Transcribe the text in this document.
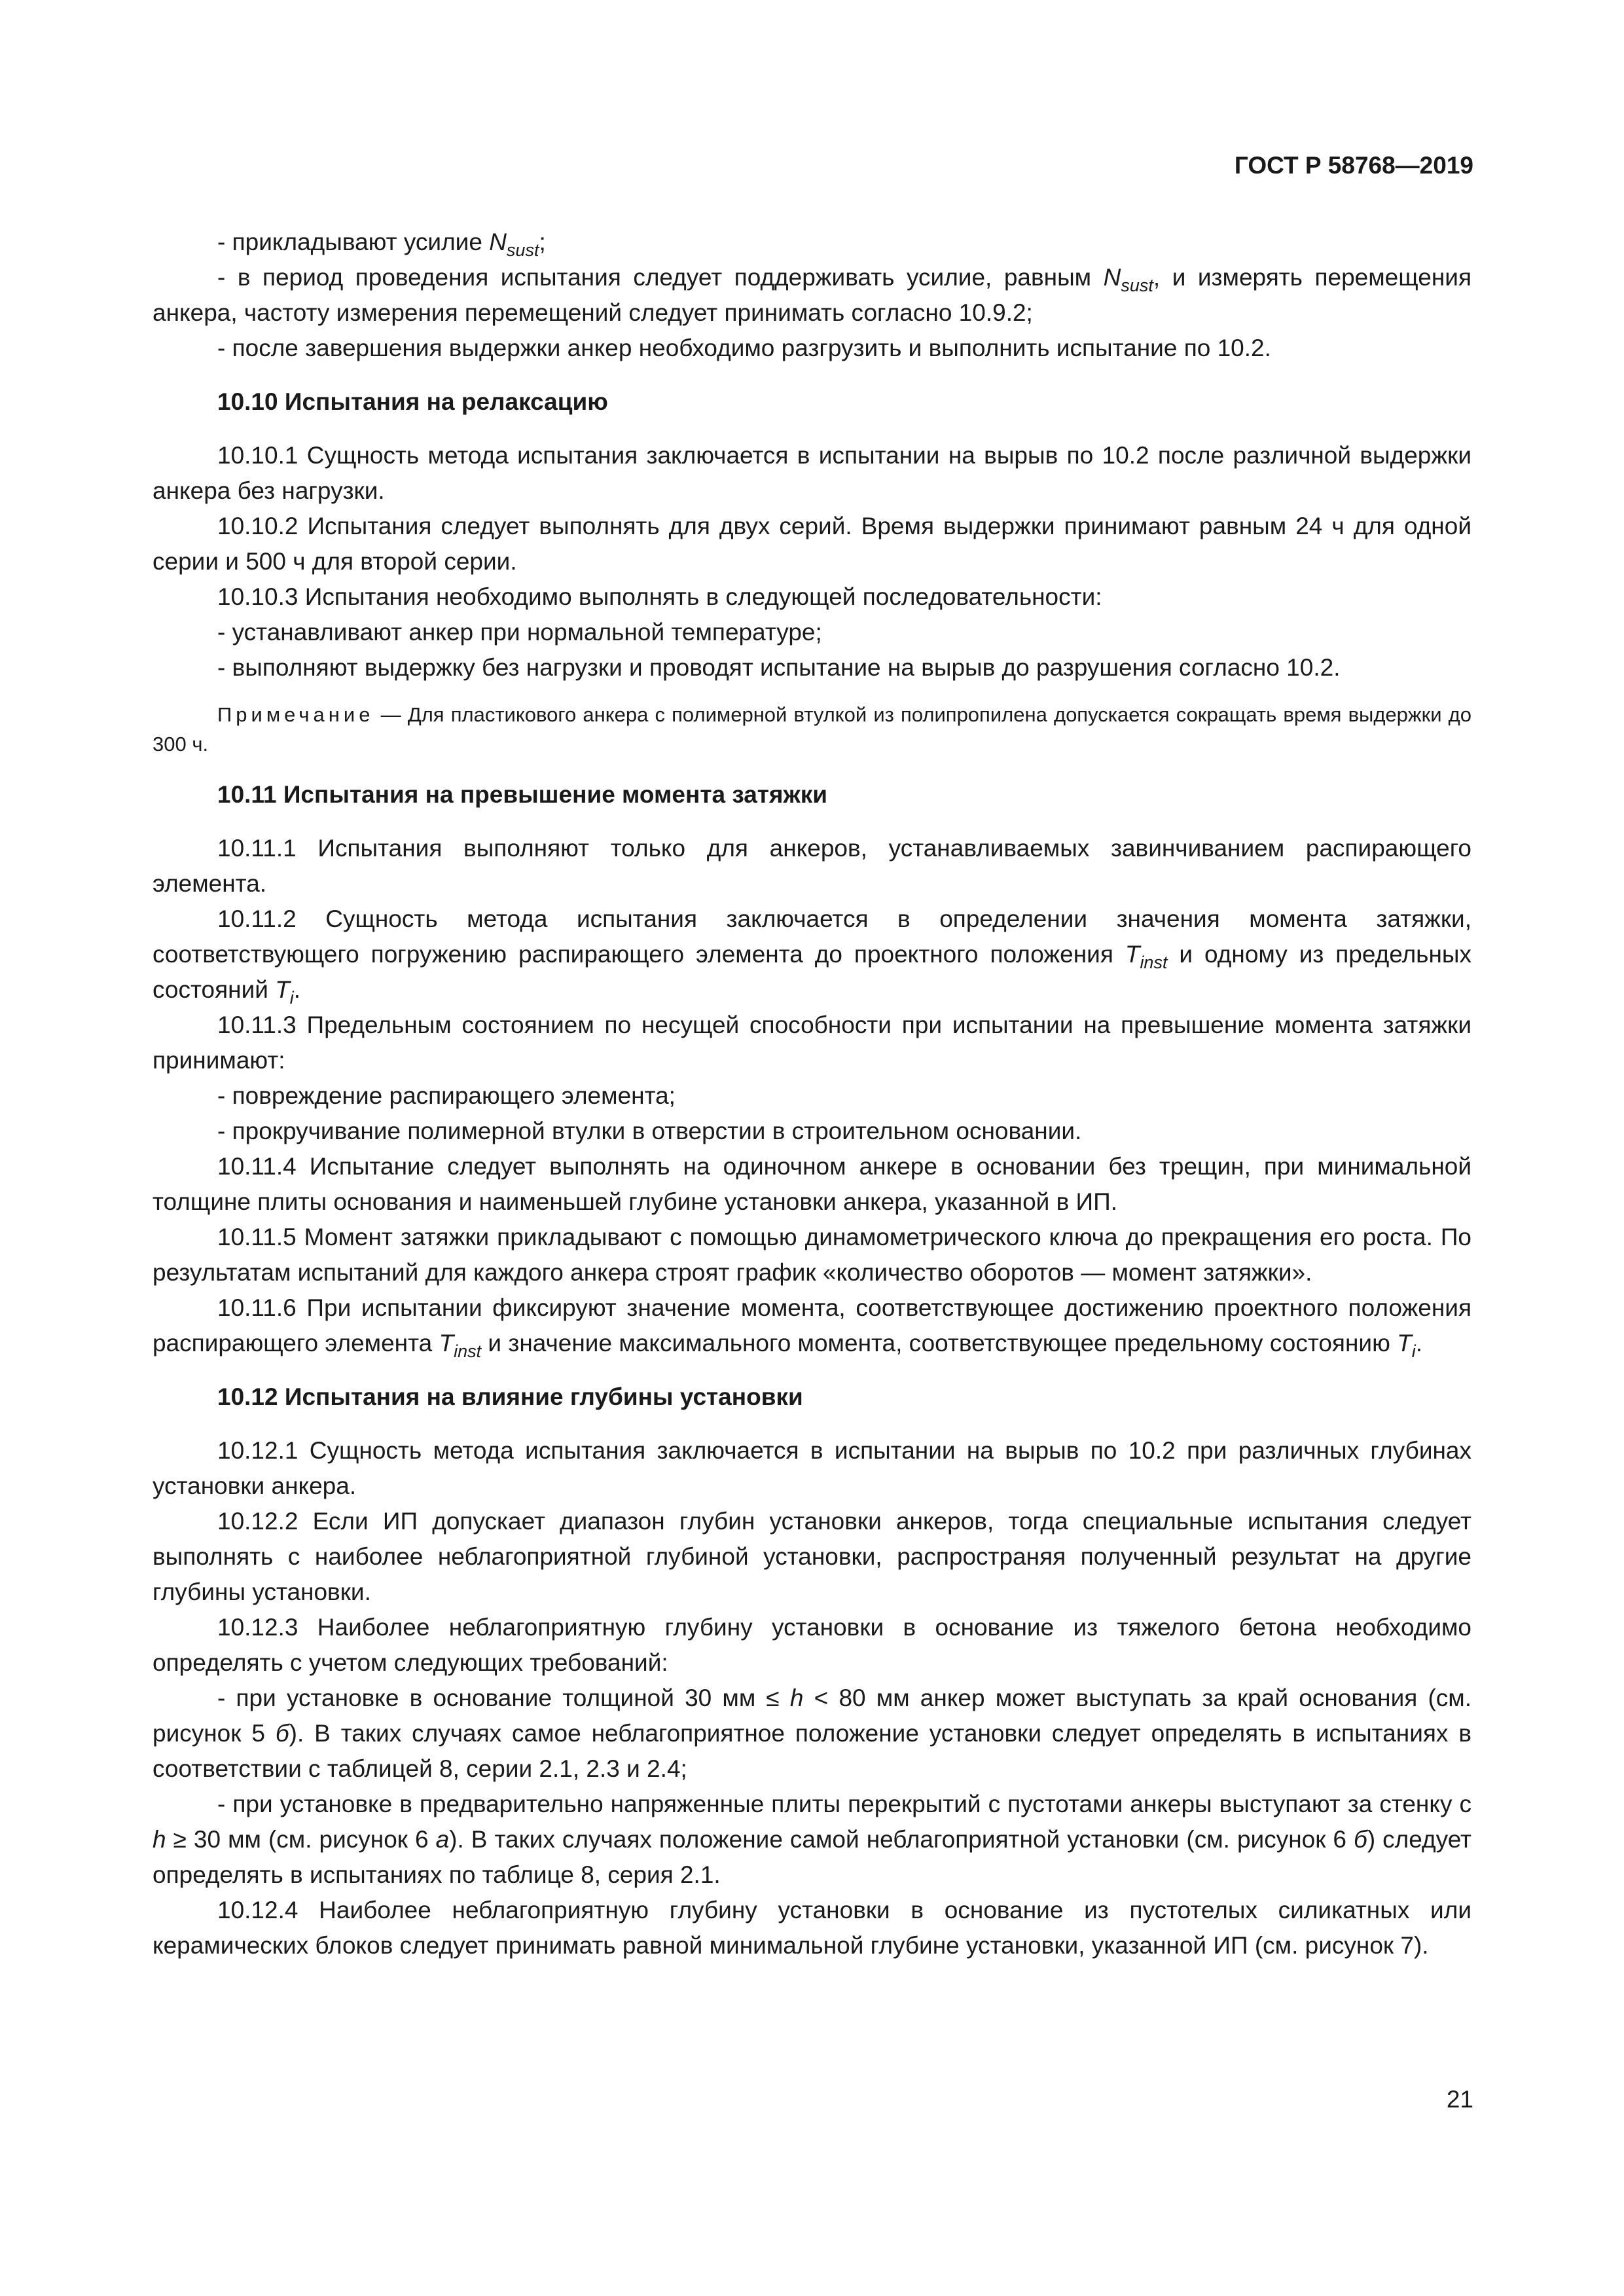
ГОСТ Р 58768—2019

- прикладывают усилие $N_{sust}$;

- в период проведения испытания следует поддерживать усилие, равным $N_{sust}$, и измерять перемещения анкера, частоту измерения перемещений следует принимать согласно 10.9.2;

- после завершения выдержки анкер необходимо разгрузить и выполнить испытание по 10.2.

10.10 Испытания на релаксацию

10.10.1 Сущность метода испытания заключается в испытании на вырыв по 10.2 после различной выдержки анкера без нагрузки.

10.10.2 Испытания следует выполнять для двух серий. Время выдержки принимают равным 24 ч для одной серии и 500 ч для второй серии.

10.10.3 Испытания необходимо выполнять в следующей последовательности:

- устанавливают анкер при нормальной температуре;

- выполняют выдержку без нагрузки и проводят испытание на вырыв до разрушения согласно 10.2.

Примечание — Для пластикового анкера с полимерной втулкой из полипропилена допускается сокращать время выдержки до 300 ч.

10.11 Испытания на превышение момента затяжки

10.11.1 Испытания выполняют только для анкеров, устанавливаемых завинчиванием распирающего элемента.

10.11.2 Сущность метода испытания заключается в определении значения момента затяжки, соответствующего погружению распирающего элемента до проектного положения $T_{inst}$ и одному из предельных состояний $T_i$.

10.11.3 Предельным состоянием по несущей способности при испытании на превышение момента затяжки принимают:

- повреждение распирающего элемента;

- прокручивание полимерной втулки в отверстии в строительном основании.

10.11.4 Испытание следует выполнять на одиночном анкере в основании без трещин, при минимальной толщине плиты основания и наименьшей глубине установки анкера, указанной в ИП.

10.11.5 Момент затяжки прикладывают с помощью динамометрического ключа до прекращения его роста. По результатам испытаний для каждого анкера строят график «количество оборотов — момент затяжки».

10.11.6 При испытании фиксируют значение момента, соответствующее достижению проектного положения распирающего элемента $T_{inst}$ и значение максимального момента, соответствующее предельному состоянию $T_i$.

10.12 Испытания на влияние глубины установки

10.12.1 Сущность метода испытания заключается в испытании на вырыв по 10.2 при различных глубинах установки анкера.

10.12.2 Если ИП допускает диапазон глубин установки анкеров, тогда специальные испытания следует выполнять с наиболее неблагоприятной глубиной установки, распространяя полученный результат на другие глубины установки.

10.12.3 Наиболее неблагоприятную глубину установки в основание из тяжелого бетона необходимо определять с учетом следующих требований:

- при установке в основание толщиной 30 мм ≤ h < 80 мм анкер может выступать за край основания (см. рисунок 5 б). В таких случаях самое неблагоприятное положение установки следует определять в испытаниях в соответствии с таблицей 8, серии 2.1, 2.3 и 2.4;

- при установке в предварительно напряженные плиты перекрытий с пустотами анкеры выступают за стенку с h ≥ 30 мм (см. рисунок 6 а). В таких случаях положение самой неблагоприятной установки (см. рисунок 6 б) следует определять в испытаниях по таблице 8, серия 2.1.

10.12.4 Наиболее неблагоприятную глубину установки в основание из пустотелых силикатных или керамических блоков следует принимать равной минимальной глубине установки, указанной ИП (см. рисунок 7).

21
